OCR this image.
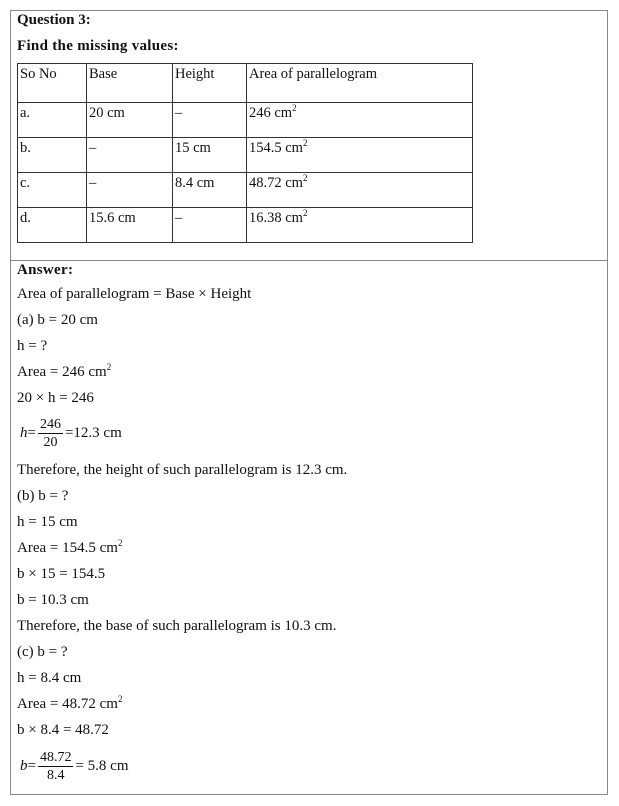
Question 3:
Find the missing values:
So No	Base	Height	Area of parallelogram
a.	20 cm	–	246 $cm^2$
b.	–	15 cm	154.5 $cm^2$
c.	–	8.4 cm	48.72 $cm^2$
d.	15.6 cm	–	16.38 $cm^2$
Answer:
Area of parallelogram = Base × Height
(a) b = 20 cm
h = ?
Area = 246 $cm^2$
20 × h = 246
$h = \frac{246}{20} =12.3$ cm
Therefore, the height of such parallelogram is 12.3 cm.
(b) b = ?
h = 15 cm
Area = 154.5 $cm^2$
b × 15 = 154.5
b = 10.3 cm
Therefore, the base of such parallelogram is 10.3 cm.
(c) b = ?
h = 8.4 cm
Area = 48.72 $cm^2$
b × 8.4 = 48.72
$b = \frac{48.72}{8.4} = 5.8$ cm
